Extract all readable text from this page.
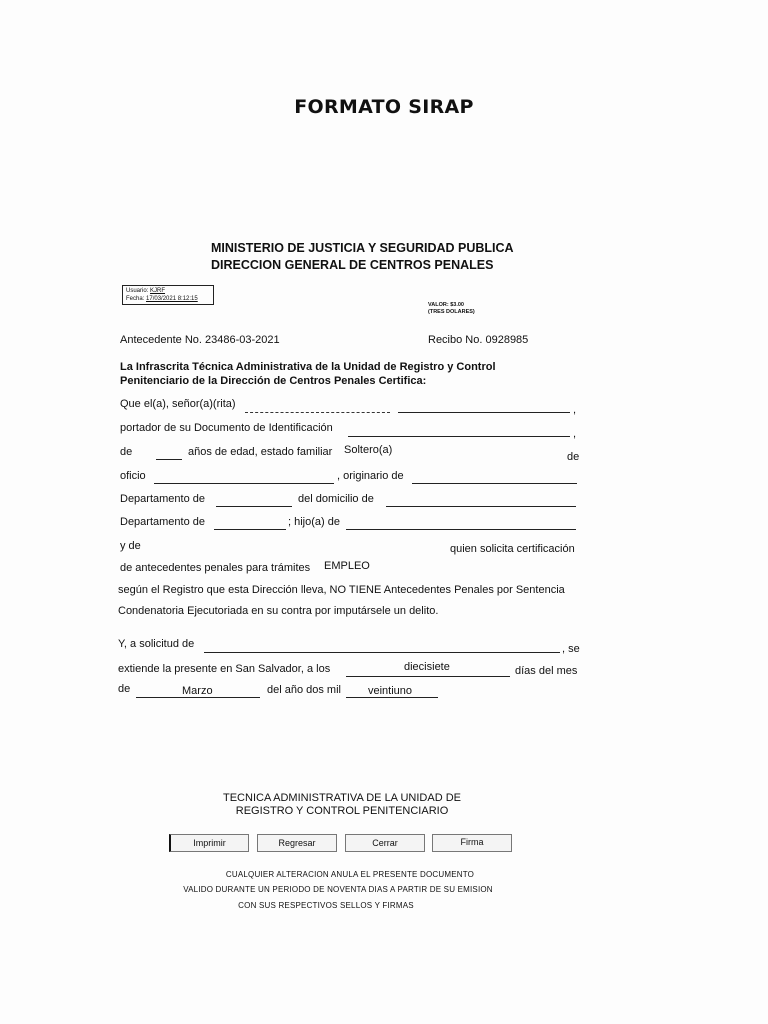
FORMATO SIRAP
MINISTERIO DE JUSTICIA Y SEGURIDAD PUBLICA
DIRECCION GENERAL DE CENTROS PENALES
Usuario: KJRF
Fecha: 17/03/2021 8:12:15
VALOR: $3.00
(TRES DOLARES)
Antecedente No. 23486-03-2021	Recibo No. 0928985
La Infrascrita Técnica Administrativa de la Unidad de Registro y Control
Penitenciario de la Dirección de Centros Penales Certifica:
Que el(a), señor(a)(rita)	,
portador de su Documento de Identificación	,
de	años de edad, estado familiar Soltero(a)
de
oficio	, originario de
Departamento de	del domicilio de
Departamento de	; hijo(a) de
y de	quien solicita certificación
de antecedentes penales para trámites EMPLEO
según el Registro que esta Dirección lleva, NO TIENE Antecedentes Penales por Sentencia
Condenatoria Ejecutoriada en su contra por imputársele un delito.
Y, a solicitud de	, se
extiende la presente en San Salvador, a los	diecisiete	días del mes
de	Marzo	del año dos mil veintiuno
TECNICA ADMINISTRATIVA DE LA UNIDAD DE
REGISTRO Y CONTROL PENITENCIARIO
Imprimir	Regresar	Cerrar	Firma
CUALQUIER ALTERACION ANULA EL PRESENTE DOCUMENTO
VALIDO DURANTE UN PERIODO DE NOVENTA DIAS A PARTIR DE SU EMISION
CON SUS RESPECTIVOS SELLOS Y FIRMAS
